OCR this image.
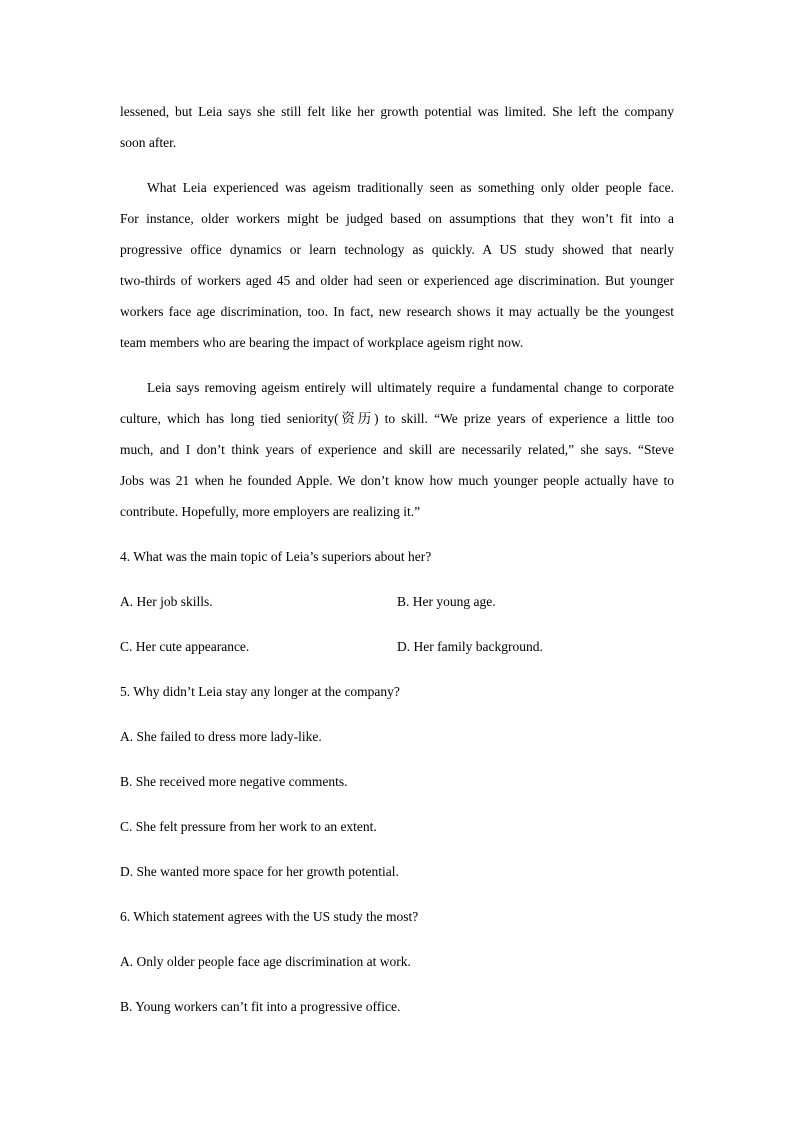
lessened, but Leia says she still felt like her growth potential was limited. She left the company
soon after.
What Leia experienced was ageism traditionally seen as something only older people face.
For instance, older workers might be judged based on assumptions that they won’t fit into a
progressive office dynamics or learn technology as quickly. A US study showed that nearly
two-thirds of workers aged 45 and older had seen or experienced age discrimination. But younger
workers face age discrimination, too. In fact, new research shows it may actually be the youngest
team members who are bearing the impact of workplace ageism right now.
Leia says removing ageism entirely will ultimately require a fundamental change to corporate
culture, which has long tied seniority(资历) to skill. “We prize years of experience a little too
much, and I don’t think years of experience and skill are necessarily related,” she says. “Steve
Jobs was 21 when he founded Apple. We don’t know how much younger people actually have to
contribute. Hopefully, more employers are realizing it.”
4. What was the main topic of Leia’s superiors about her?
A. Her job skills.	B. Her young age.
C. Her cute appearance.	D. Her family background.
5. Why didn’t Leia stay any longer at the company?
A. She failed to dress more lady-like.
B. She received more negative comments.
C. She felt pressure from her work to an extent.
D. She wanted more space for her growth potential.
6. Which statement agrees with the US study the most?
A. Only older people face age discrimination at work.
B. Young workers can’t fit into a progressive office.
